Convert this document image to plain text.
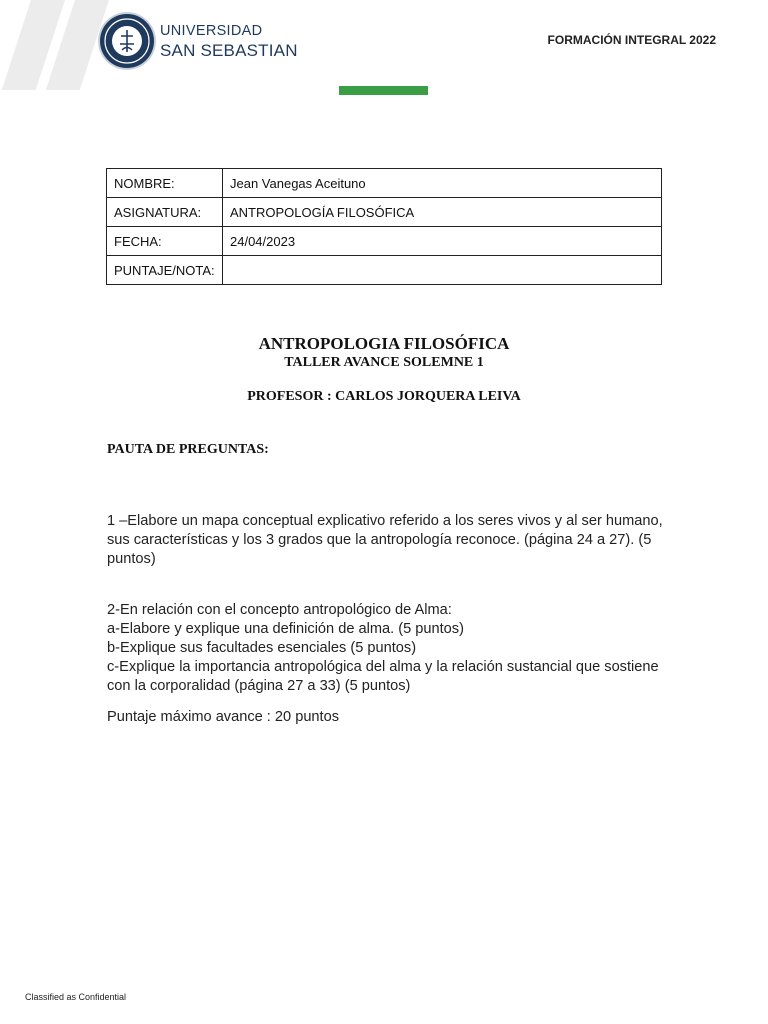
UNIVERSIDAD
SAN SEBASTIAN
FORMACIÓN INTEGRAL 2022
NOMBRE:	Jean Vanegas Aceituno
ASIGNATURA:	ANTROPOLOGÍA FILOSÓFICA
FECHA:	24/04/2023
PUNTAJE/NOTA:	
ANTROPOLOGIA FILOSÓFICA
TALLER AVANCE SOLEMNE 1
PROFESOR : CARLOS JORQUERA LEIVA
PAUTA DE PREGUNTAS:

1 –Elabore un mapa conceptual explicativo referido a los seres vivos y al ser humano, sus características y los 3 grados que la antropología reconoce. (página 24 a 27). (5 puntos)

2-En relación con el concepto antropológico de Alma:

a-Elabore y explique una definición de alma. (5 puntos)

b-Explique sus facultades esenciales (5 puntos)

c-Explique la importancia antropológica del alma y la relación sustancial que sostiene con la corporalidad (página 27 a 33) (5 puntos)

Puntaje máximo avance : 20 puntos
Classified as Confidential
